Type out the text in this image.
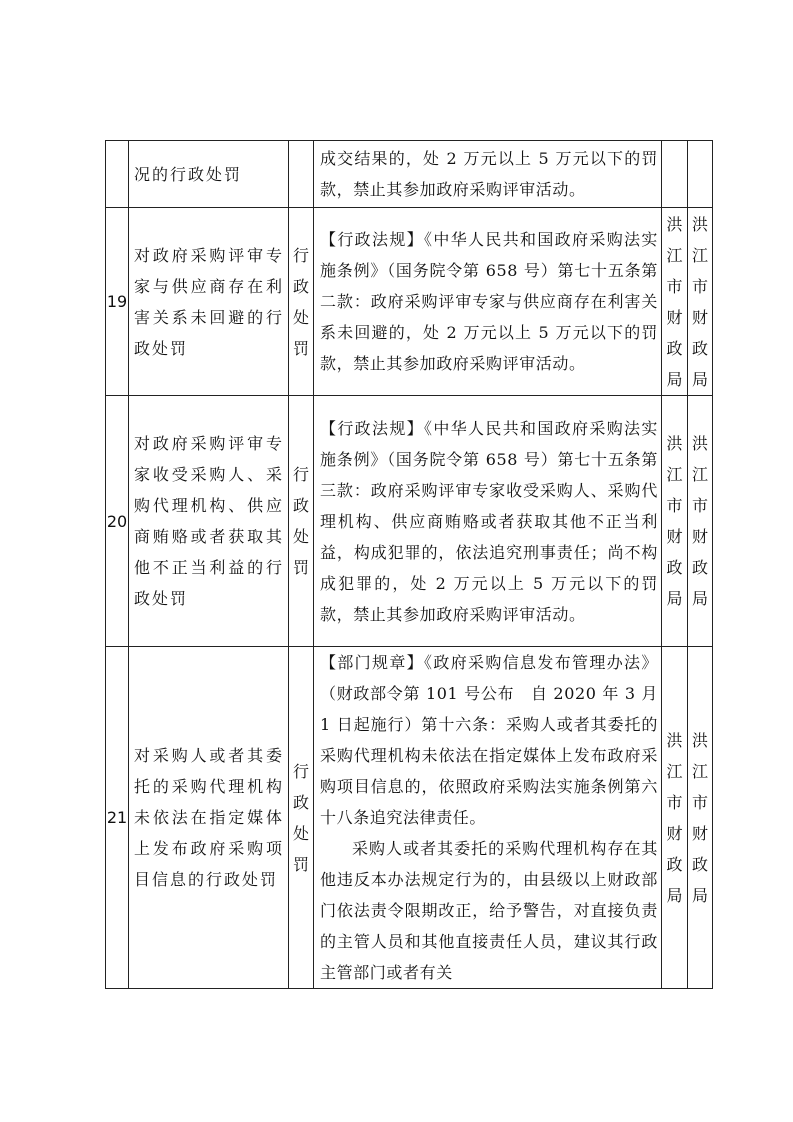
	况的行政处罚		成交结果的，处 2 万元以上 5 万元以下的罚款，禁止其参加政府采购评审活动。	

19	对政府采购评审专家与供应商存在利害关系未回避的行政处罚	行政处罚	【行政法规】《中华人民共和国政府采购法实施条例》（国务院令第 658 号）第七十五条第二款：政府采购评审专家与供应商存在利害关系未回避的，处 2 万元以上 5 万元以下的罚款，禁止其参加政府采购评审活动。	洪江市财政局	洪江市财政局

20	对政府采购评审专家收受采购人、采购代理机构、供应商贿赂或者获取其他不正当利益的行政处罚	行政处罚	【行政法规】《中华人民共和国政府采购法实施条例》（国务院令第 658 号）第七十五条第三款：政府采购评审专家收受采购人、采购代理机构、供应商贿赂或者获取其他不正当利益，构成犯罪的，依法追究刑事责任；尚不构成犯罪的，处 2 万元以上 5 万元以下的罚款，禁止其参加政府采购评审活动。	洪江市财政局	洪江市财政局

21	对采购人或者其委托的采购代理机构未依法在指定媒体上发布政府采购项目信息的行政处罚	行政处罚	【部门规章】《政府采购信息发布管理办法》（财政部令第 101 号公布　自 2020 年 3 月 1 日起施行）第十六条：采购人或者其委托的采购代理机构未依法在指定媒体上发布政府采购项目信息的，依照政府采购法实施条例第六十八条追究法律责任。
采购人或者其委托的采购代理机构存在其他违反本办法规定行为的，由县级以上财政部门依法责令限期改正，给予警告，对直接负责的主管人员和其他直接责任人员，建议其行政主管部门或者有关	洪江市财政局	洪江市财政局
